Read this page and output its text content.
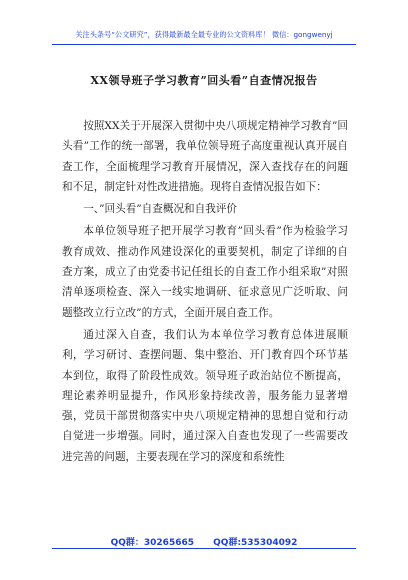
关注头条号“公文研究”，获得最新最全最专业的公文资料库！ 微信：gongwenyj
XX领导班子学习教育”回头看”自查情况报告

按照XX关于开展深入贯彻中央八项规定精神学习教育”回头看”工作的统一部署，我单位领导班子高度重视认真开展自查工作，全面梳理学习教育开展情况，深入查找存在的问题和不足，制定针对性改进措施。现将自查情况报告如下：

一、”回头看”自查概况和自我评价

本单位领导班子把开展学习教育”回头看”作为检验学习教育成效、推动作风建设深化的重要契机，制定了详细的自查方案，成立了由党委书记任组长的自查工作小组采取”对照清单逐项检查、深入一线实地调研、征求意见广泛听取、问题整改立行立改”的方式，全面开展自查工作。

通过深入自查，我们认为本单位学习教育总体进展顺利，学习研讨、查摆问题、集中整治、开门教育四个环节基本到位，取得了阶段性成效。领导班子政治站位不断提高，理论素养明显提升，作风形象持续改善，服务能力显著增强，党员干部贯彻落实中央八项规定精神的思想自觉和行动自觉进一步增强。同时，通过深入自查也发现了一些需要改进完善的问题，主要表现在学习的深度和系统性

QQ群：30265665 QQ群:535304092
